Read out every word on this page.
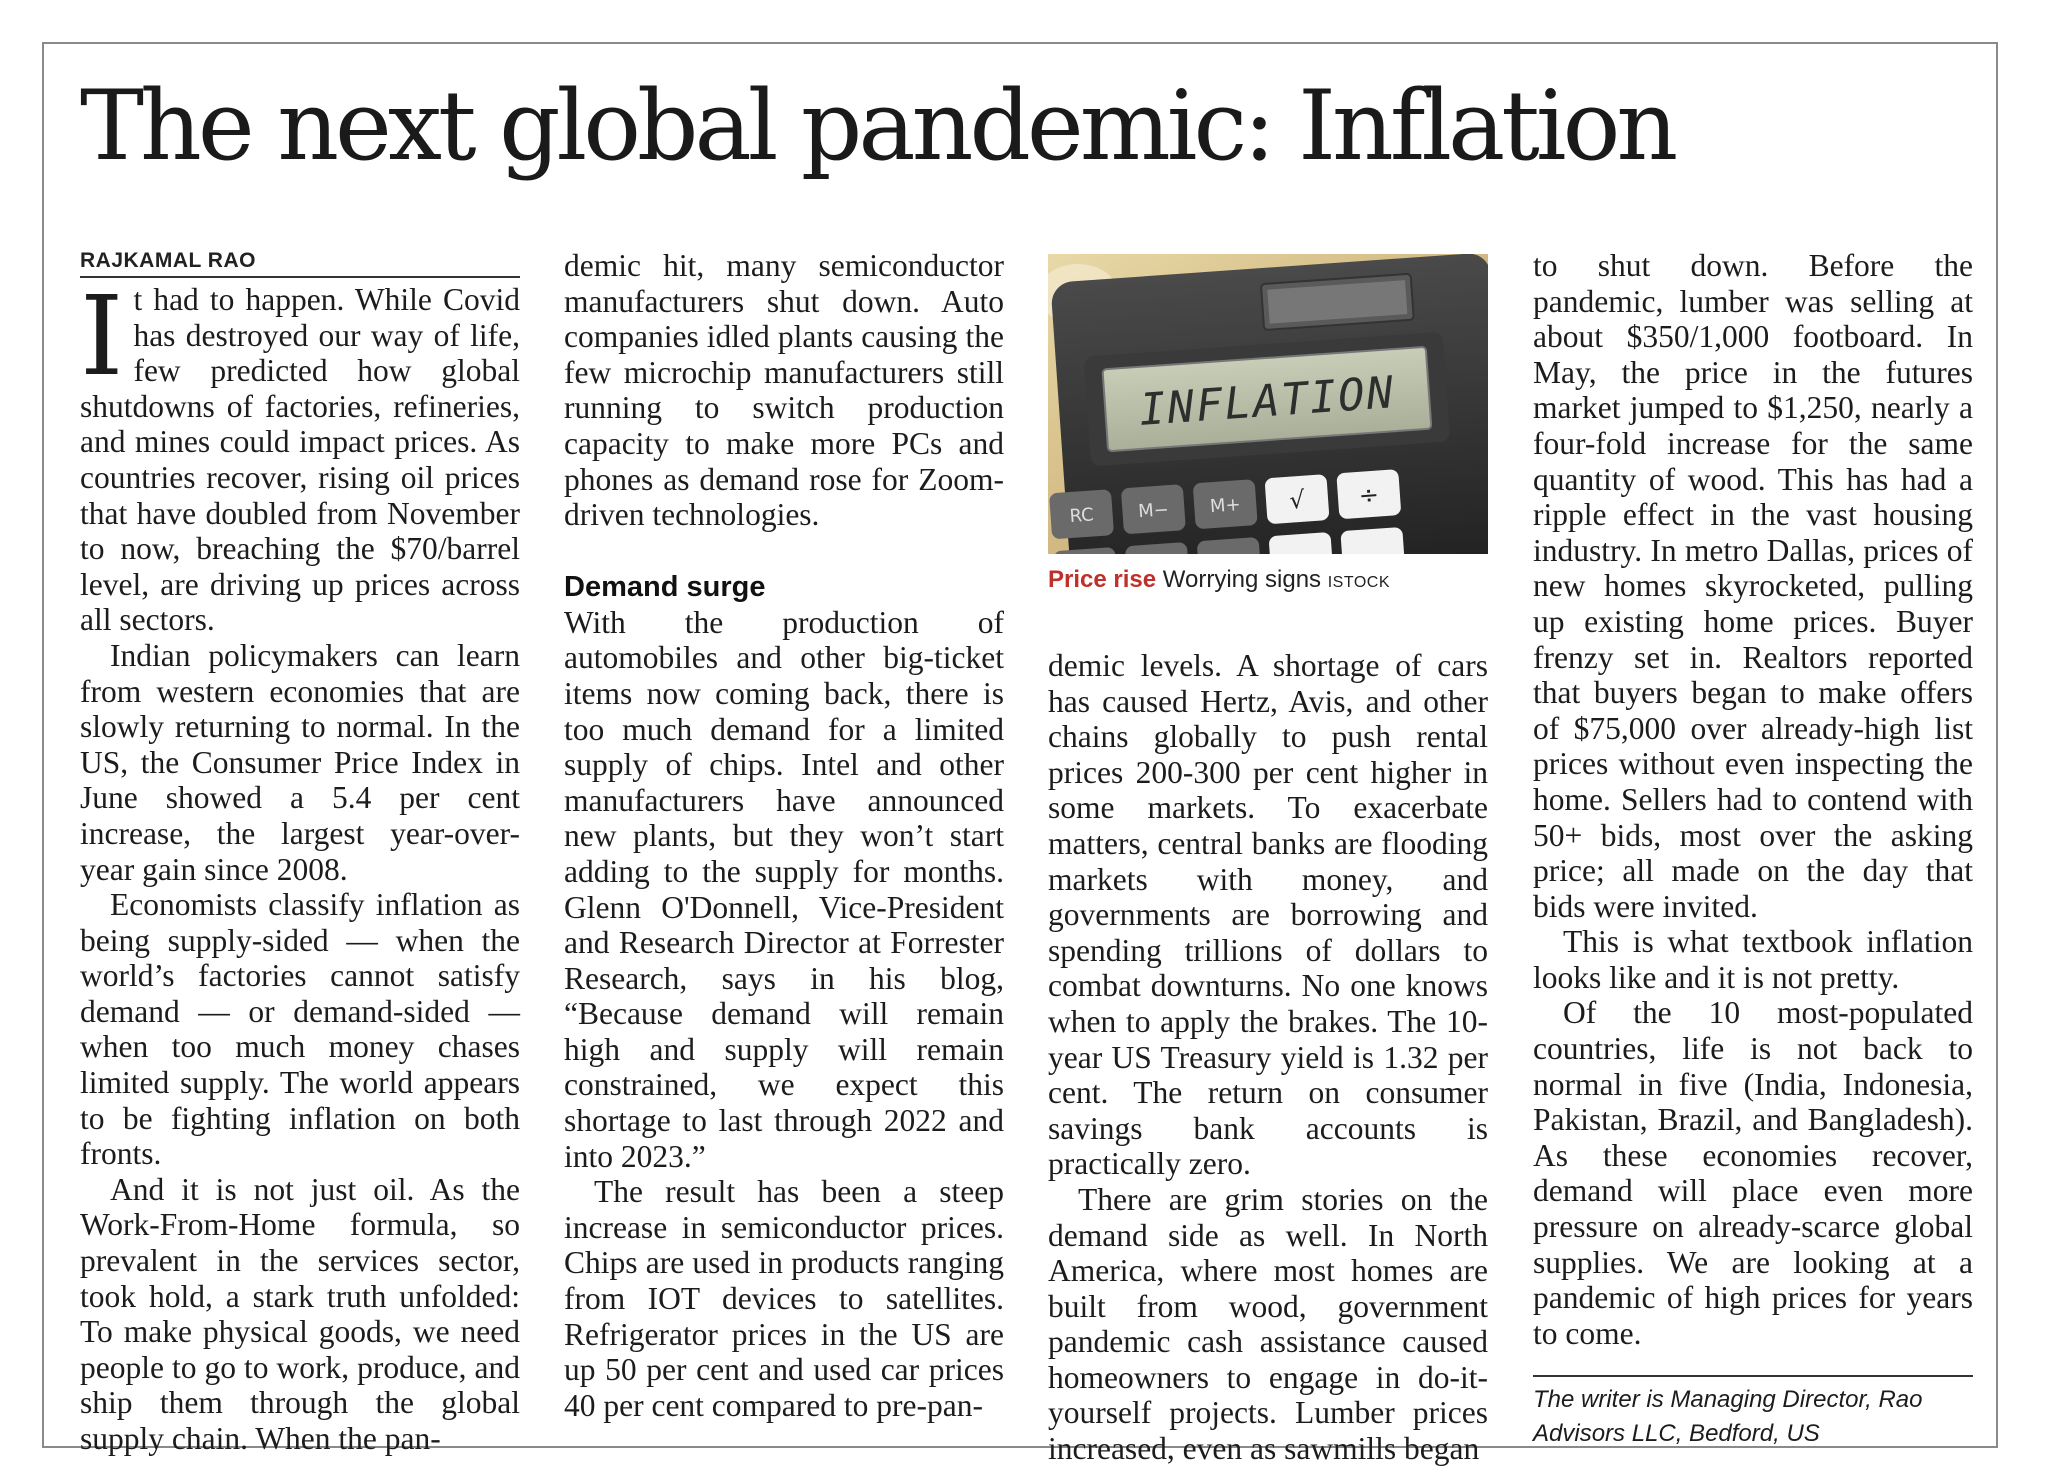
The next global pandemic: Inflation
RAJKAMAL RAO

It had to happen. While Covid has destroyed our way of life, few predicted how global shutdowns of factories, refineries, and mines could impact prices. As countries recover, rising oil prices that have doubled from November to now, breaching the $70/barrel level, are driving up prices across all sectors.

Indian policymakers can learn from western economies that are slowly returning to normal. In the US, the Consumer Price Index in June showed a 5.4 per cent increase, the largest year-over-year gain since 2008.

Economists classify inflation as being supply-sided — when the world’s factories cannot satisfy demand — or demand-sided — when too much money chases limited supply. The world appears to be fighting inflation on both fronts.

And it is not just oil. As the Work-From-Home formula, so prevalent in the services sector, took hold, a stark truth unfolded: To make physical goods, we need people to go to work, produce, and ship them through the global supply chain. When the pan-

demic hit, many semiconductor manufacturers shut down. Auto companies idled plants causing the few microchip manufacturers still running to switch production capacity to make more PCs and phones as demand rose for Zoom-driven technologies.

Demand surge

With the production of automobiles and other big-ticket items now coming back, there is too much demand for a limited supply of chips. Intel and other manufacturers have announced new plants, but they won’t start adding to the supply for months. Glenn O'Donnell, Vice-President and Research Director at Forrester Research, says in his blog, “Because demand will remain high and supply will remain constrained, we expect this shortage to last through 2022 and into 2023.”

The result has been a steep increase in semiconductor prices. Chips are used in products ranging from IOT devices to satellites. Refrigerator prices in the US are up 50 per cent and used car prices 40 per cent compared to pre-pan-

INFLATION
RC M− M+ √ ÷
Price rise Worrying signs ISTOCK

demic levels. A shortage of cars has caused Hertz, Avis, and other chains globally to push rental prices 200-300 per cent higher in some markets. To exacerbate matters, central banks are flooding markets with money, and governments are borrowing and spending trillions of dollars to combat downturns. No one knows when to apply the brakes. The 10-year US Treasury yield is 1.32 per cent. The return on consumer savings bank accounts is practically zero.

There are grim stories on the demand side as well. In North America, where most homes are built from wood, government pandemic cash assistance caused homeowners to engage in do-it-yourself projects. Lumber prices increased, even as sawmills began

to shut down. Before the pandemic, lumber was selling at about $350/1,000 footboard. In May, the price in the futures market jumped to $1,250, nearly a four-fold increase for the same quantity of wood. This has had a ripple effect in the vast housing industry. In metro Dallas, prices of new homes skyrocketed, pulling up existing home prices. Buyer frenzy set in. Realtors reported that buyers began to make offers of $75,000 over already-high list prices without even inspecting the home. Sellers had to contend with 50+ bids, most over the asking price; all made on the day that bids were invited.

This is what textbook inflation looks like and it is not pretty.

Of the 10 most-populated countries, life is not back to normal in five (India, Indonesia, Pakistan, Brazil, and Bangladesh). As these economies recover, demand will place even more pressure on already-scarce global supplies. We are looking at a pandemic of high prices for years to come.

The writer is Managing Director, Rao Advisors LLC, Bedford, US
